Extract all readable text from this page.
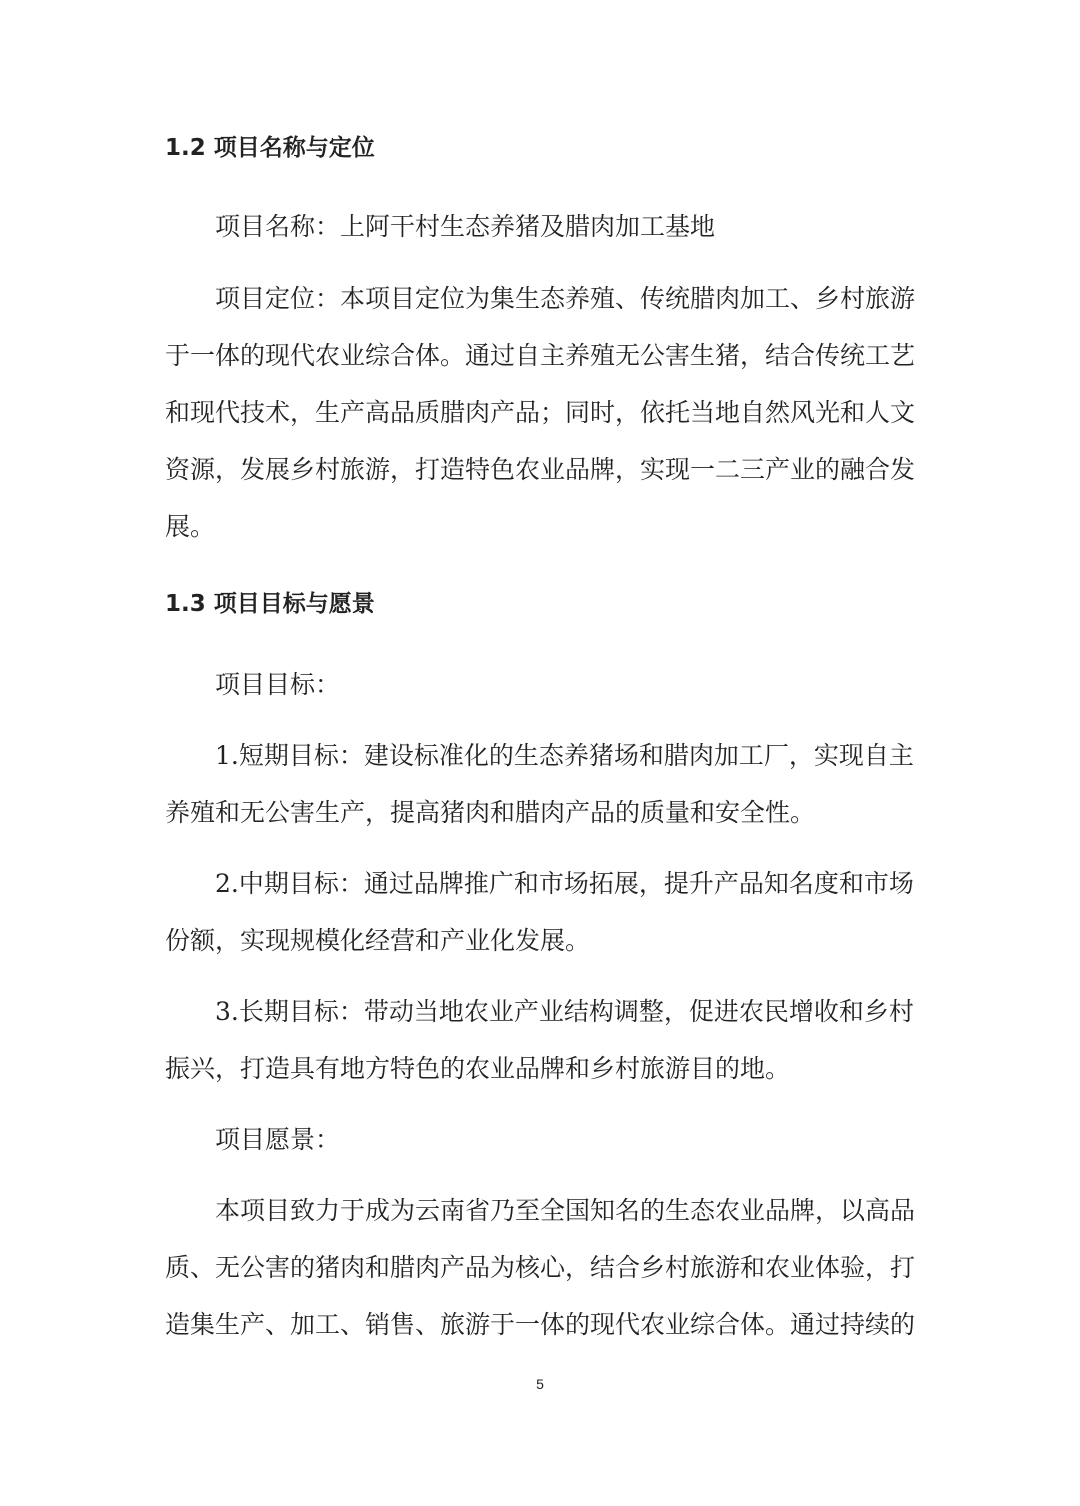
1.2 项目名称与定位
项目名称：上阿干村生态养猪及腊肉加工基地
项目定位：本项目定位为集生态养殖、传统腊肉加工、乡村旅游
于一体的现代农业综合体。通过自主养殖无公害生猪，结合传统工艺
和现代技术，生产高品质腊肉产品；同时，依托当地自然风光和人文
资源，发展乡村旅游，打造特色农业品牌，实现一二三产业的融合发
展。
1.3 项目目标与愿景
项目目标：
1.短期目标：建设标准化的生态养猪场和腊肉加工厂，实现自主
养殖和无公害生产，提高猪肉和腊肉产品的质量和安全性。
2.中期目标：通过品牌推广和市场拓展，提升产品知名度和市场
份额，实现规模化经营和产业化发展。
3.长期目标：带动当地农业产业结构调整，促进农民增收和乡村
振兴，打造具有地方特色的农业品牌和乡村旅游目的地。
项目愿景：
本项目致力于成为云南省乃至全国知名的生态农业品牌，以高品
质、无公害的猪肉和腊肉产品为核心，结合乡村旅游和农业体验，打
造集生产、加工、销售、旅游于一体的现代农业综合体。通过持续的
5
